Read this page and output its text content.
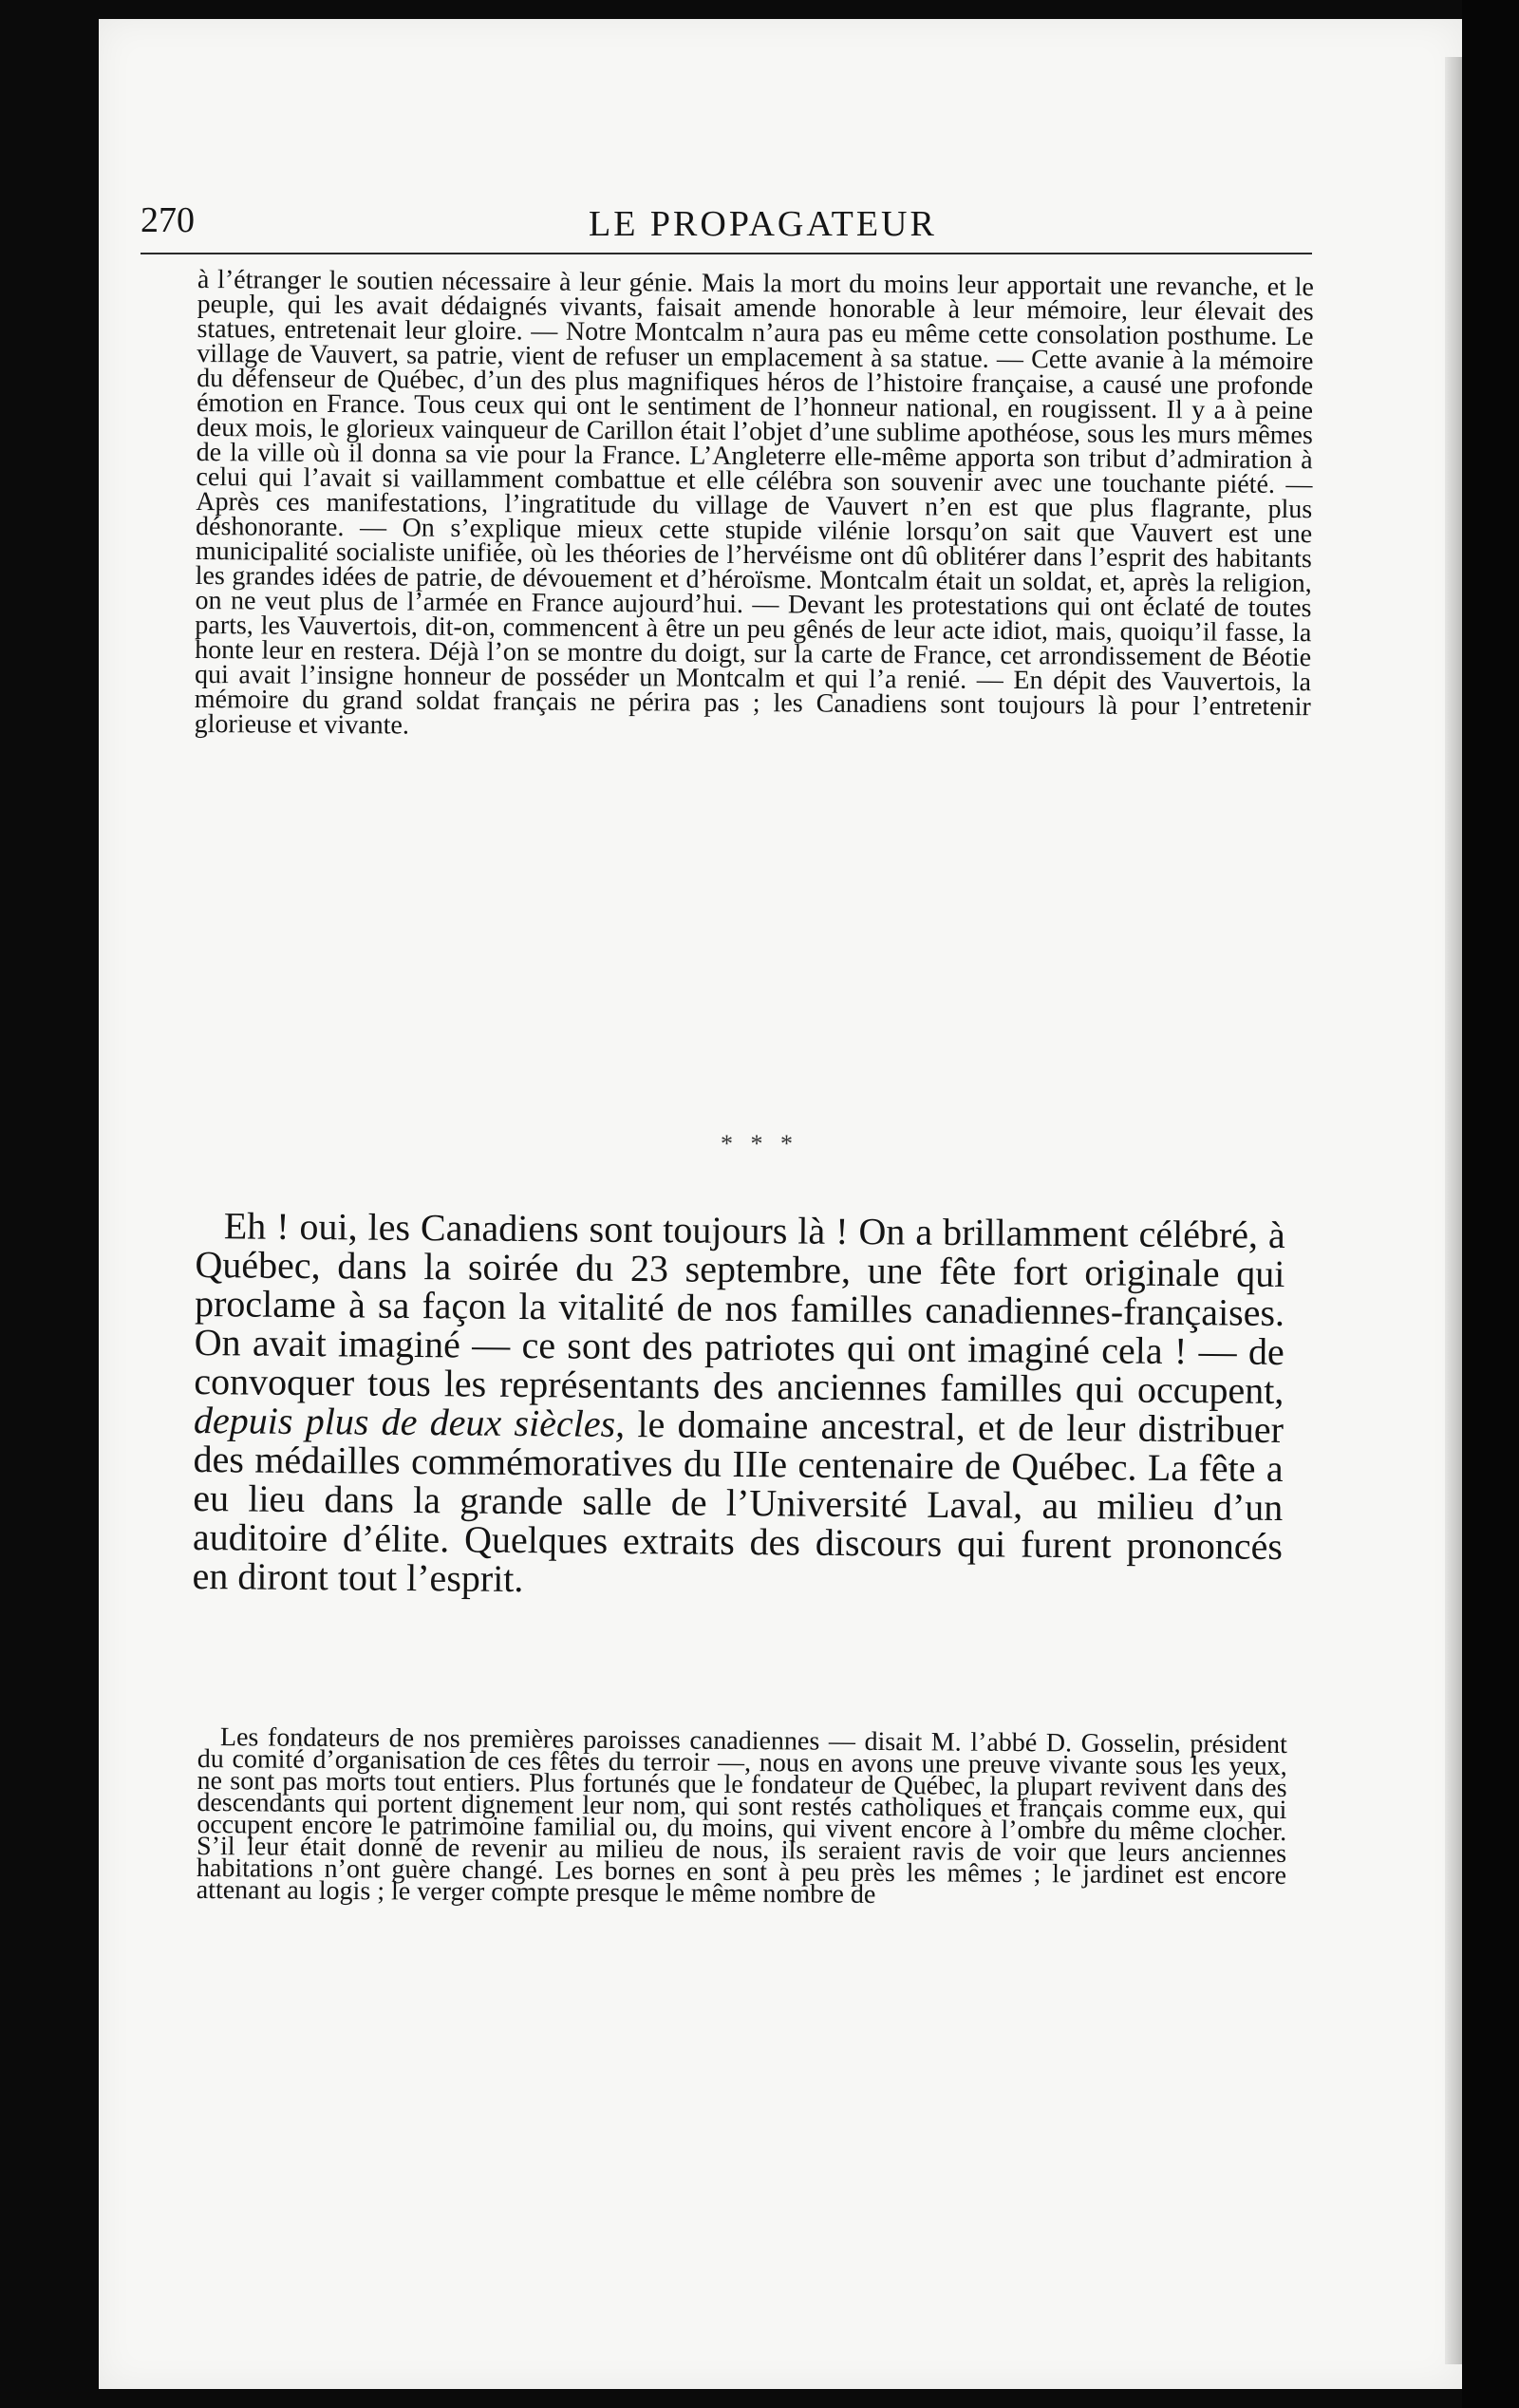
270	LE PROPAGATEUR
à l’étranger le soutien nécessaire à leur génie. Mais la mort du moins leur apportait une revanche, et le peuple, qui les avait dédaignés vivants, faisait amende honorable à leur mémoire, leur élevait des statues, entretenait leur gloire. — Notre Montcalm n’aura pas eu même cette consolation posthume. Le village de Vauvert, sa patrie, vient de refuser un emplacement à sa statue. — Cette avanie à la mémoire du défenseur de Québec, d’un des plus magnifiques héros de l’histoire française, a causé une profonde émotion en France. Tous ceux qui ont le sentiment de l’honneur national, en rougissent. Il y a à peine deux mois, le glorieux vainqueur de Carillon était l’objet d’une sublime apothéose, sous les murs mêmes de la ville où il donna sa vie pour la France. L’Angleterre elle-même apporta son tribut d’admiration à celui qui l’avait si vaillamment combattue et elle célébra son souvenir avec une touchante piété. — Après ces manifestations, l’ingratitude du village de Vauvert n’en est que plus flagrante, plus déshonorante. — On s’explique mieux cette stupide vilénie lorsqu’on sait que Vauvert est une municipalité socialiste unifiée, où les théories de l’hervéisme ont dû oblitérer dans l’esprit des habitants les grandes idées de patrie, de dévouement et d’héroïsme. Montcalm était un soldat, et, après la religion, on ne veut plus de l’armée en France aujourd’hui. — Devant les protestations qui ont éclaté de toutes parts, les Vauvertois, dit-on, commencent à être un peu gênés de leur acte idiot, mais, quoiqu’il fasse, la honte leur en restera. Déjà l’on se montre du doigt, sur la carte de France, cet arrondissement de Béotie qui avait l’insigne honneur de posséder un Montcalm et qui l’a renié. — En dépit des Vauvertois, la mémoire du grand soldat français ne périra pas ; les Canadiens sont toujours là pour l’entretenir glorieuse et vivante.
* * *
Eh ! oui, les Canadiens sont toujours là ! On a brillamment célébré, à Québec, dans la soirée du 23 septembre, une fête fort originale qui proclame à sa façon la vitalité de nos familles canadiennes-françaises. On avait imaginé — ce sont des patriotes qui ont imaginé cela ! — de convoquer tous les représentants des anciennes familles qui occupent, depuis plus de deux siècles, le domaine ancestral, et de leur distribuer des médailles commémoratives du IIIe centenaire de Québec. La fête a eu lieu dans la grande salle de l’Université Laval, au milieu d’un auditoire d’élite. Quelques extraits des discours qui furent prononcés en diront tout l’esprit.
Les fondateurs de nos premières paroisses canadiennes — disait M. l’abbé D. Gosselin, président du comité d’organisation de ces fêtes du terroir —, nous en avons une preuve vivante sous les yeux, ne sont pas morts tout entiers. Plus fortunés que le fondateur de Québec, la plupart revivent dans des descendants qui portent dignement leur nom, qui sont restés catholiques et français comme eux, qui occupent encore le patrimoine familial ou, du moins, qui vivent encore à l’ombre du même clocher. S’il leur était donné de revenir au milieu de nous, ils seraient ravis de voir que leurs anciennes habitations n’ont guère changé. Les bornes en sont à peu près les mêmes ; le jardinet est encore attenant au logis ; le verger compte presque le même nombre de
